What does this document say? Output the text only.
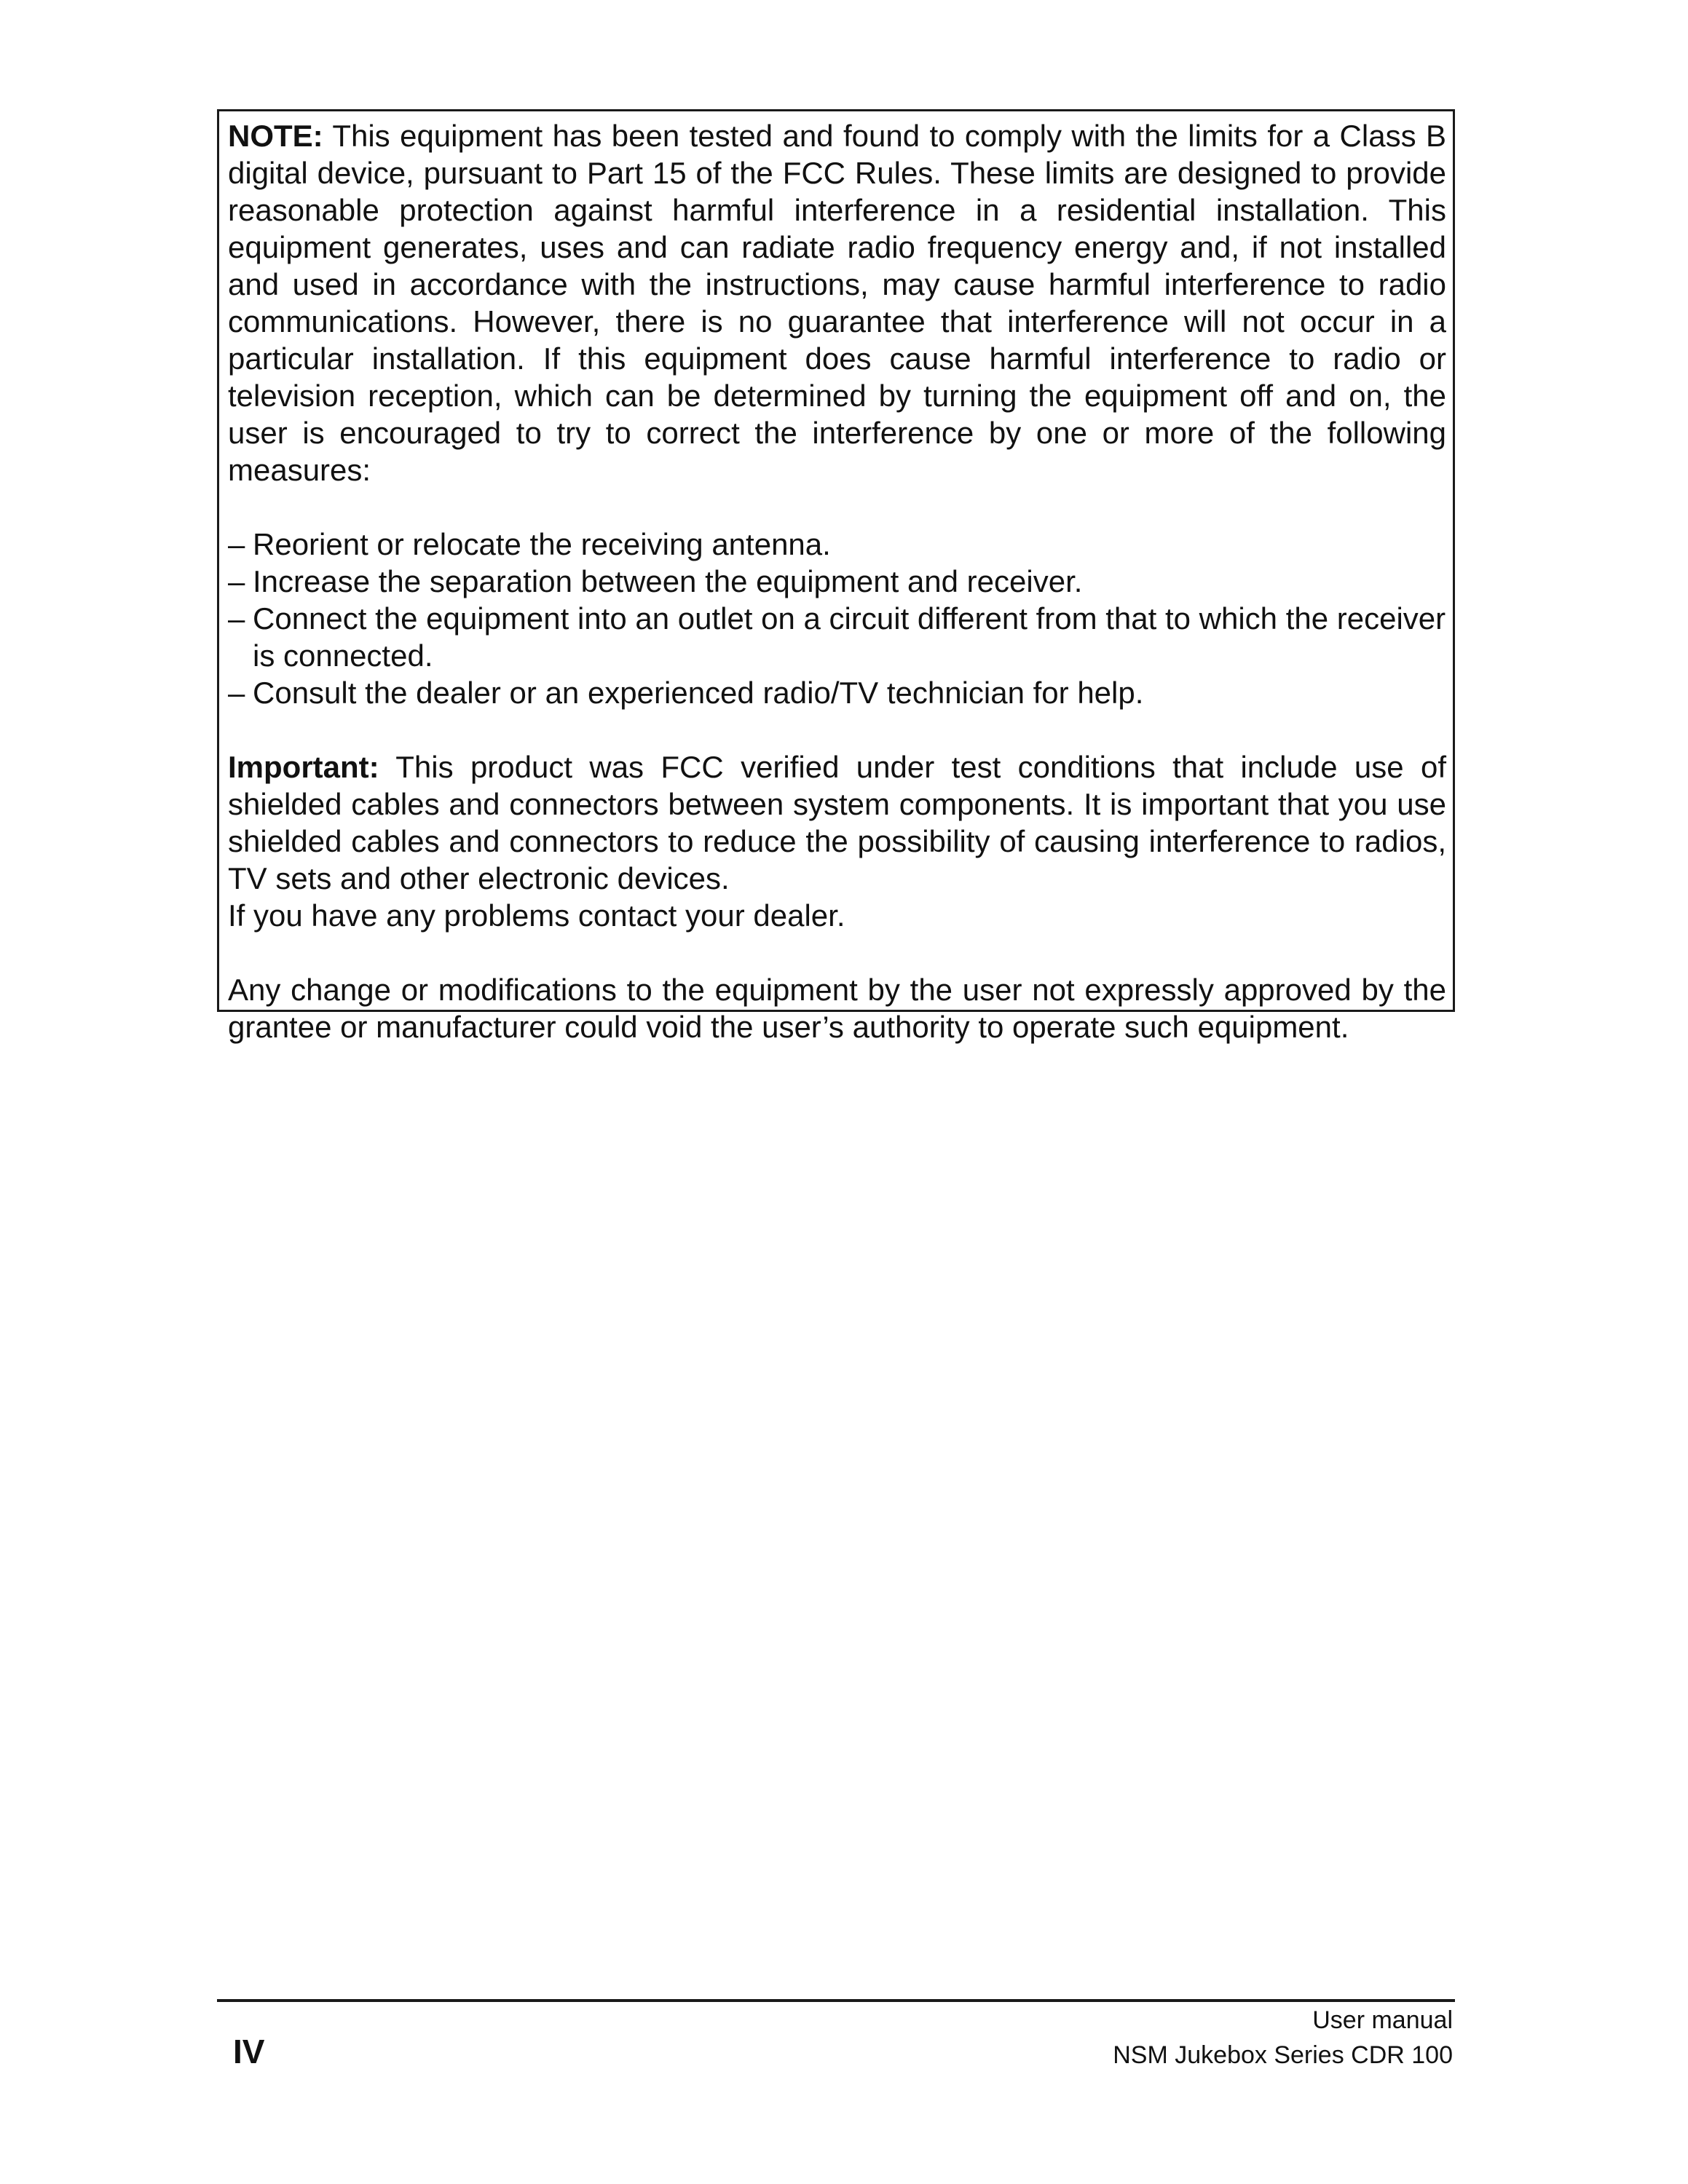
NOTE: This equipment has been tested and found to comply with the limits for a Class B digital device, pursuant to Part 15 of the FCC Rules. These limits are designed to provide reasonable protection against harmful interference in a residential installation. This equipment generates, uses and can radiate radio frequency energy and, if not installed and used in accordance with the instructions, may cause harmful interference to radio communications. However, there is no guarantee that interference will not occur in a particular installation. If this equipment does cause harmful interference to radio or television reception, which can be determined by turning the equipment off and on, the user is encouraged to try to correct the interference by one or more of the following measures:

– Reorient or relocate the receiving antenna.
– Increase the separation between the equipment and receiver.
– Connect the equipment into an outlet on a circuit different from that to which the receiver is connected.
– Consult the dealer or an experienced radio/TV technician for help.

Important: This product was FCC verified under test conditions that include use of shielded cables and connectors between system components. It is important that you use shielded cables and connectors to reduce the possibility of causing interference to radios, TV sets and other electronic devices.

If you have any problems contact your dealer.

Any change or modifications to the equipment by the user not expressly approved by the grantee or manufacturer could void the user’s authority to operate such equipment.

IV
User manual
NSM Jukebox Series CDR 100
